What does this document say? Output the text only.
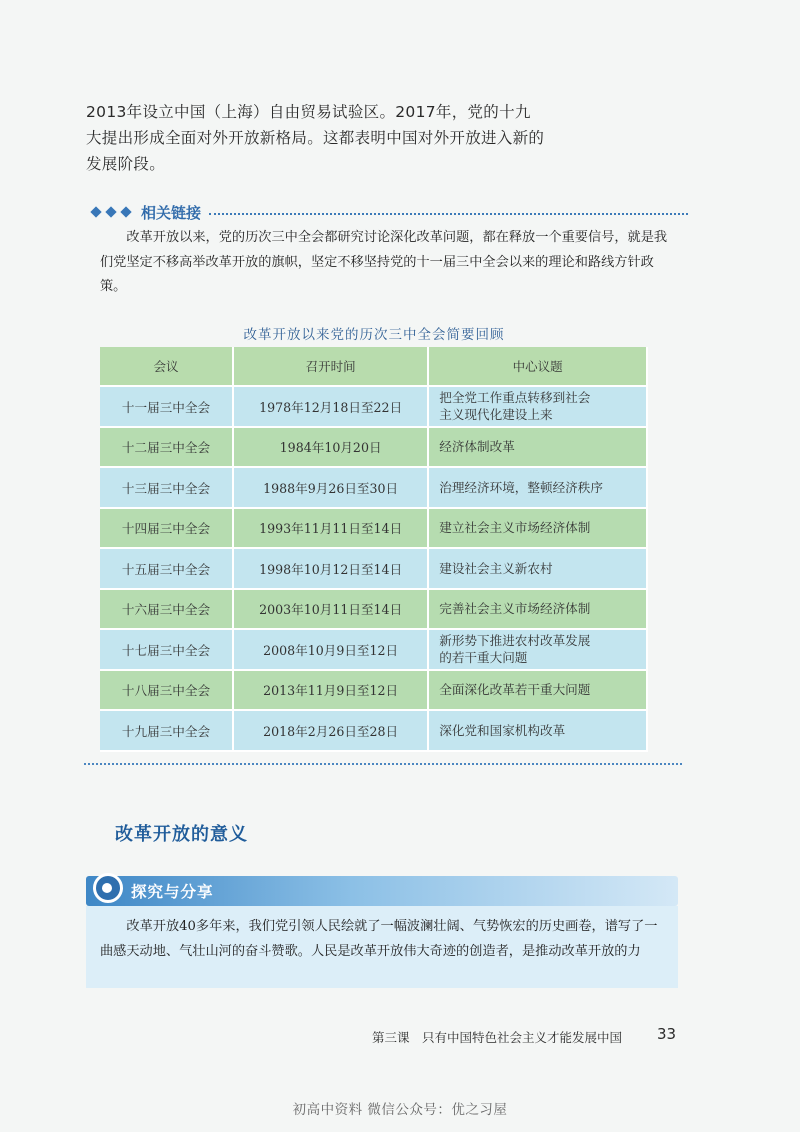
2013年设立中国（上海）自由贸易试验区。2017年，党的十九大提出形成全面对外开放新格局。这都表明中国对外开放进入新的发展阶段。
相关链接
改革开放以来，党的历次三中全会都研究讨论深化改革问题，都在释放一个重要信号，就是我们党坚定不移高举改革开放的旗帜，坚定不移坚持党的十一届三中全会以来的理论和路线方针政策。
改革开放以来党的历次三中全会简要回顾
会议	召开时间	中心议题
十一届三中全会	1978年12月18日至22日	把全党工作重点转移到社会
主义现代化建设上来

十二届三中全会	1984年10月20日	经济体制改革

十三届三中全会	1988年9月26日至30日	治理经济环境，整顿经济秩序

十四届三中全会	1993年11月11日至14日	建立社会主义市场经济体制

十五届三中全会	1998年10月12日至14日	建设社会主义新农村

十六届三中全会	2003年10月11日至14日	完善社会主义市场经济体制

十七届三中全会	2008年10月9日至12日	新形势下推进农村改革发展
的若干重大问题

十八届三中全会	2013年11月9日至12日	全面深化改革若干重大问题

十九届三中全会	2018年2月26日至28日	深化党和国家机构改革
改革开放的意义
探究与分享
改革开放40多年来，我们党引领人民绘就了一幅波澜壮阔、气势恢宏的历史画卷，谱写了一曲感天动地、气壮山河的奋斗赞歌。人民是改革开放伟大奇迹的创造者，是推动改革开放的力
第三课　只有中国特色社会主义才能发展中国 33
初高中资料 微信公众号：优之习屋
